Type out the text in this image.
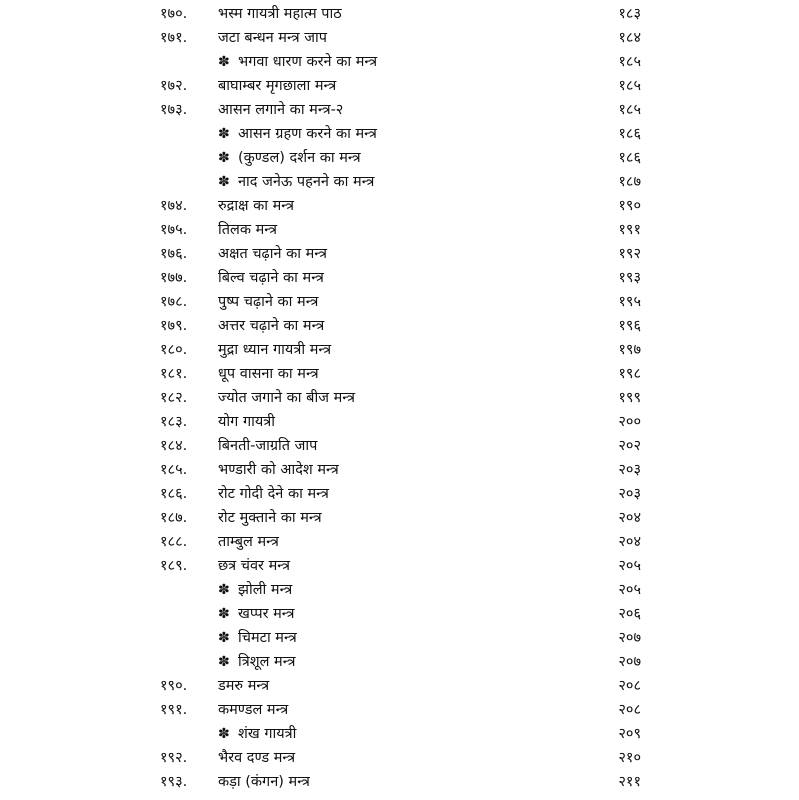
१७०.	भस्म गायत्री महात्म पाठ	१८३
१७१.	जटा बन्धन मन्त्र जाप	१८४
✽ भगवा धारण करने का मन्त्र	१८५
१७२.	बाघाम्बर मृगछाला मन्त्र	१८५
१७३.	आसन लगाने का मन्त्र-२	१८५
✽ आसन ग्रहण करने का मन्त्र	१८६
✽ (कुण्डल) दर्शन का मन्त्र	१८६
✽ नाद जनेऊ पहनने का मन्त्र	१८७
१७४.	रुद्राक्ष का मन्त्र	१९०
१७५.	तिलक मन्त्र	१९१
१७६.	अक्षत चढ़ाने का मन्त्र	१९२
१७७.	बिल्व चढ़ाने का मन्त्र	१९३
१७८.	पुष्प चढ़ाने का मन्त्र	१९५
१७९.	अत्तर चढ़ाने का मन्त्र	१९६
१८०.	मुद्रा ध्यान गायत्री मन्त्र	१९७
१८१.	धूप वासना का मन्त्र	१९८
१८२.	ज्योत जगाने का बीज मन्त्र	१९९
१८३.	योग गायत्री	२००
१८४.	बिनती-जाग्रति जाप	२०२
१८५.	भण्डारी को आदेश मन्त्र	२०३
१८६.	रोट गोदी देने का मन्त्र	२०३
१८७.	रोट मुक्ताने का मन्त्र	२०४
१८८.	ताम्बुल मन्त्र	२०४
१८९.	छत्र चंवर मन्त्र	२०५
✽ झोली मन्त्र	२०५
✽ खप्पर मन्त्र	२०६
✽ चिमटा मन्त्र	२०७
✽ त्रिशूल मन्त्र	२०७
१९०.	डमरु मन्त्र	२०८
१९१.	कमण्डल मन्त्र	२०८
✽ शंख गायत्री	२०९
१९२.	भैरव दण्ड मन्त्र	२१०
१९३.	कड़ा (कंगन) मन्त्र	२११
